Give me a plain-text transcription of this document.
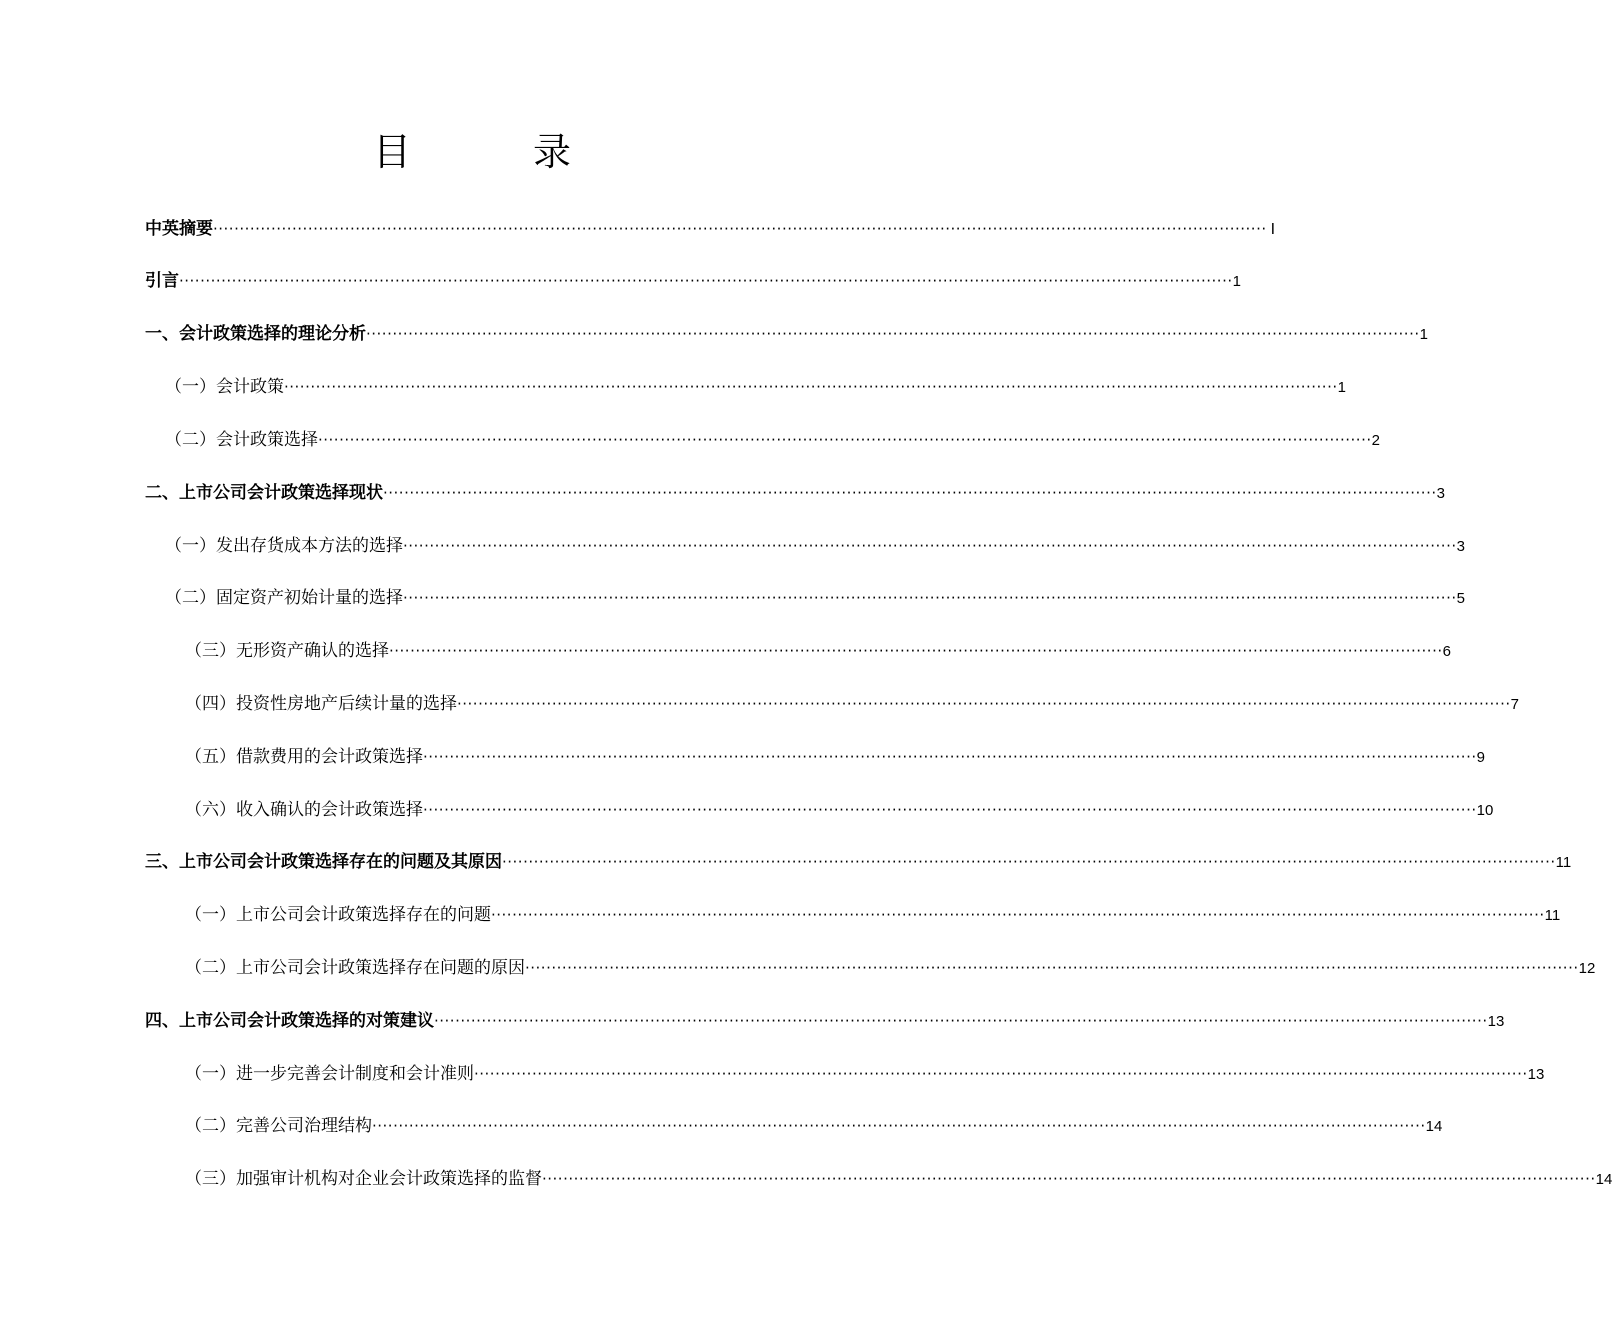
目　录
中英摘要 ········································································································································································································ Ⅰ
引言 ········································································································································································································ 1
一、会计政策选择的理论分析 ········································································································································································································ 1
（一）会计政策 ········································································································································································································ 1
（二）会计政策选择 ········································································································································································································ 2
二、上市公司会计政策选择现状 ········································································································································································································ 3
（一）发出存货成本方法的选择 ········································································································································································································ 3
（二）固定资产初始计量的选择 ········································································································································································································ 5
（三）无形资产确认的选择 ········································································································································································································ 6
（四）投资性房地产后续计量的选择 ········································································································································································································ 7
（五）借款费用的会计政策选择 ········································································································································································································ 9
（六）收入确认的会计政策选择 ········································································································································································································ 10
三、上市公司会计政策选择存在的问题及其原因 ········································································································································································································ 11
（一）上市公司会计政策选择存在的问题 ········································································································································································································ 11
（二）上市公司会计政策选择存在问题的原因 ········································································································································································································ 12
四、上市公司会计政策选择的对策建议 ········································································································································································································ 13
（一）进一步完善会计制度和会计准则 ········································································································································································································ 13
（二）完善公司治理结构 ········································································································································································································ 14
（三）加强审计机构对企业会计政策选择的监督 ········································································································································································································ 14
